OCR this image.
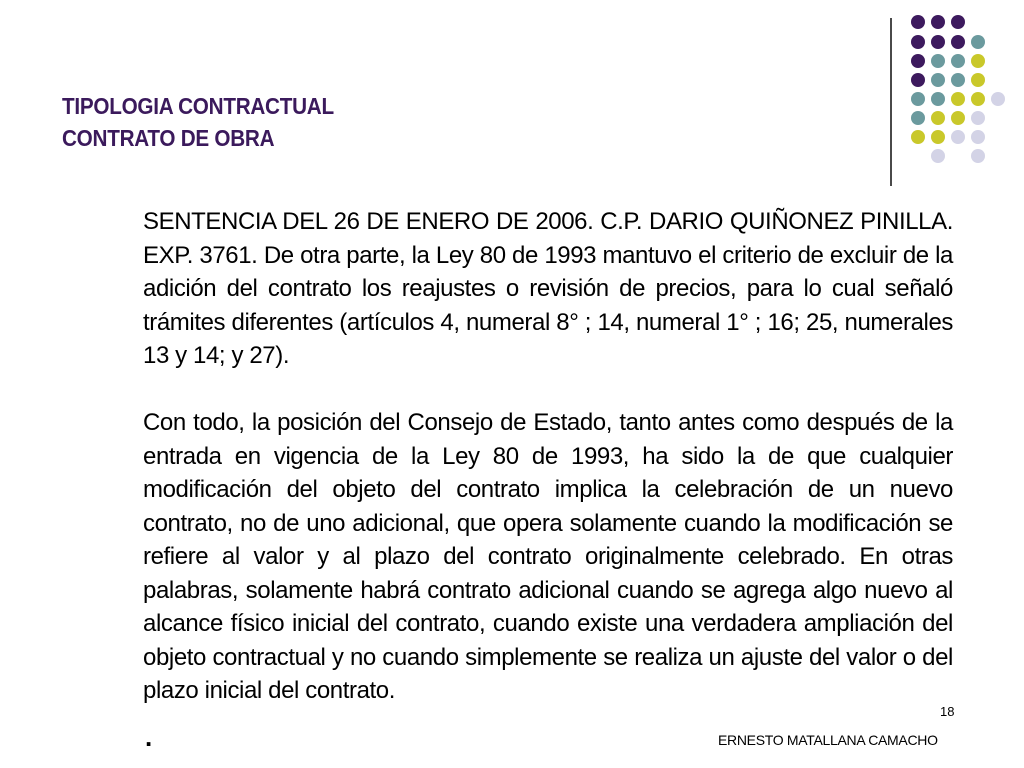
TIPOLOGIA CONTRACTUAL
CONTRATO DE OBRA

SENTENCIA DEL 26 DE ENERO DE 2006. C.P. DARIO QUIÑONEZ PINILLA. EXP. 3761. De otra parte, la Ley 80 de 1993 mantuvo el criterio de excluir de la adición del contrato los reajustes o revisión de precios, para lo cual señaló trámites diferentes (artículos 4, numeral 8° ; 14, numeral 1° ; 16; 25, numerales 13 y 14; y 27).

Con todo, la posición del Consejo de Estado, tanto antes como después de la entrada en vigencia de la Ley 80 de 1993, ha sido la de que cualquier modificación del objeto del contrato implica la celebración de un nuevo contrato, no de uno adicional, que opera solamente cuando la modificación se refiere al valor y al plazo del contrato originalmente celebrado. En otras palabras, solamente habrá contrato adicional cuando se agrega algo nuevo al alcance físico inicial del contrato, cuando existe una verdadera ampliación del objeto contractual y no cuando simplemente se realiza un ajuste del valor o del plazo inicial del contrato.

18
.	ERNESTO MATALLANA CAMACHO
